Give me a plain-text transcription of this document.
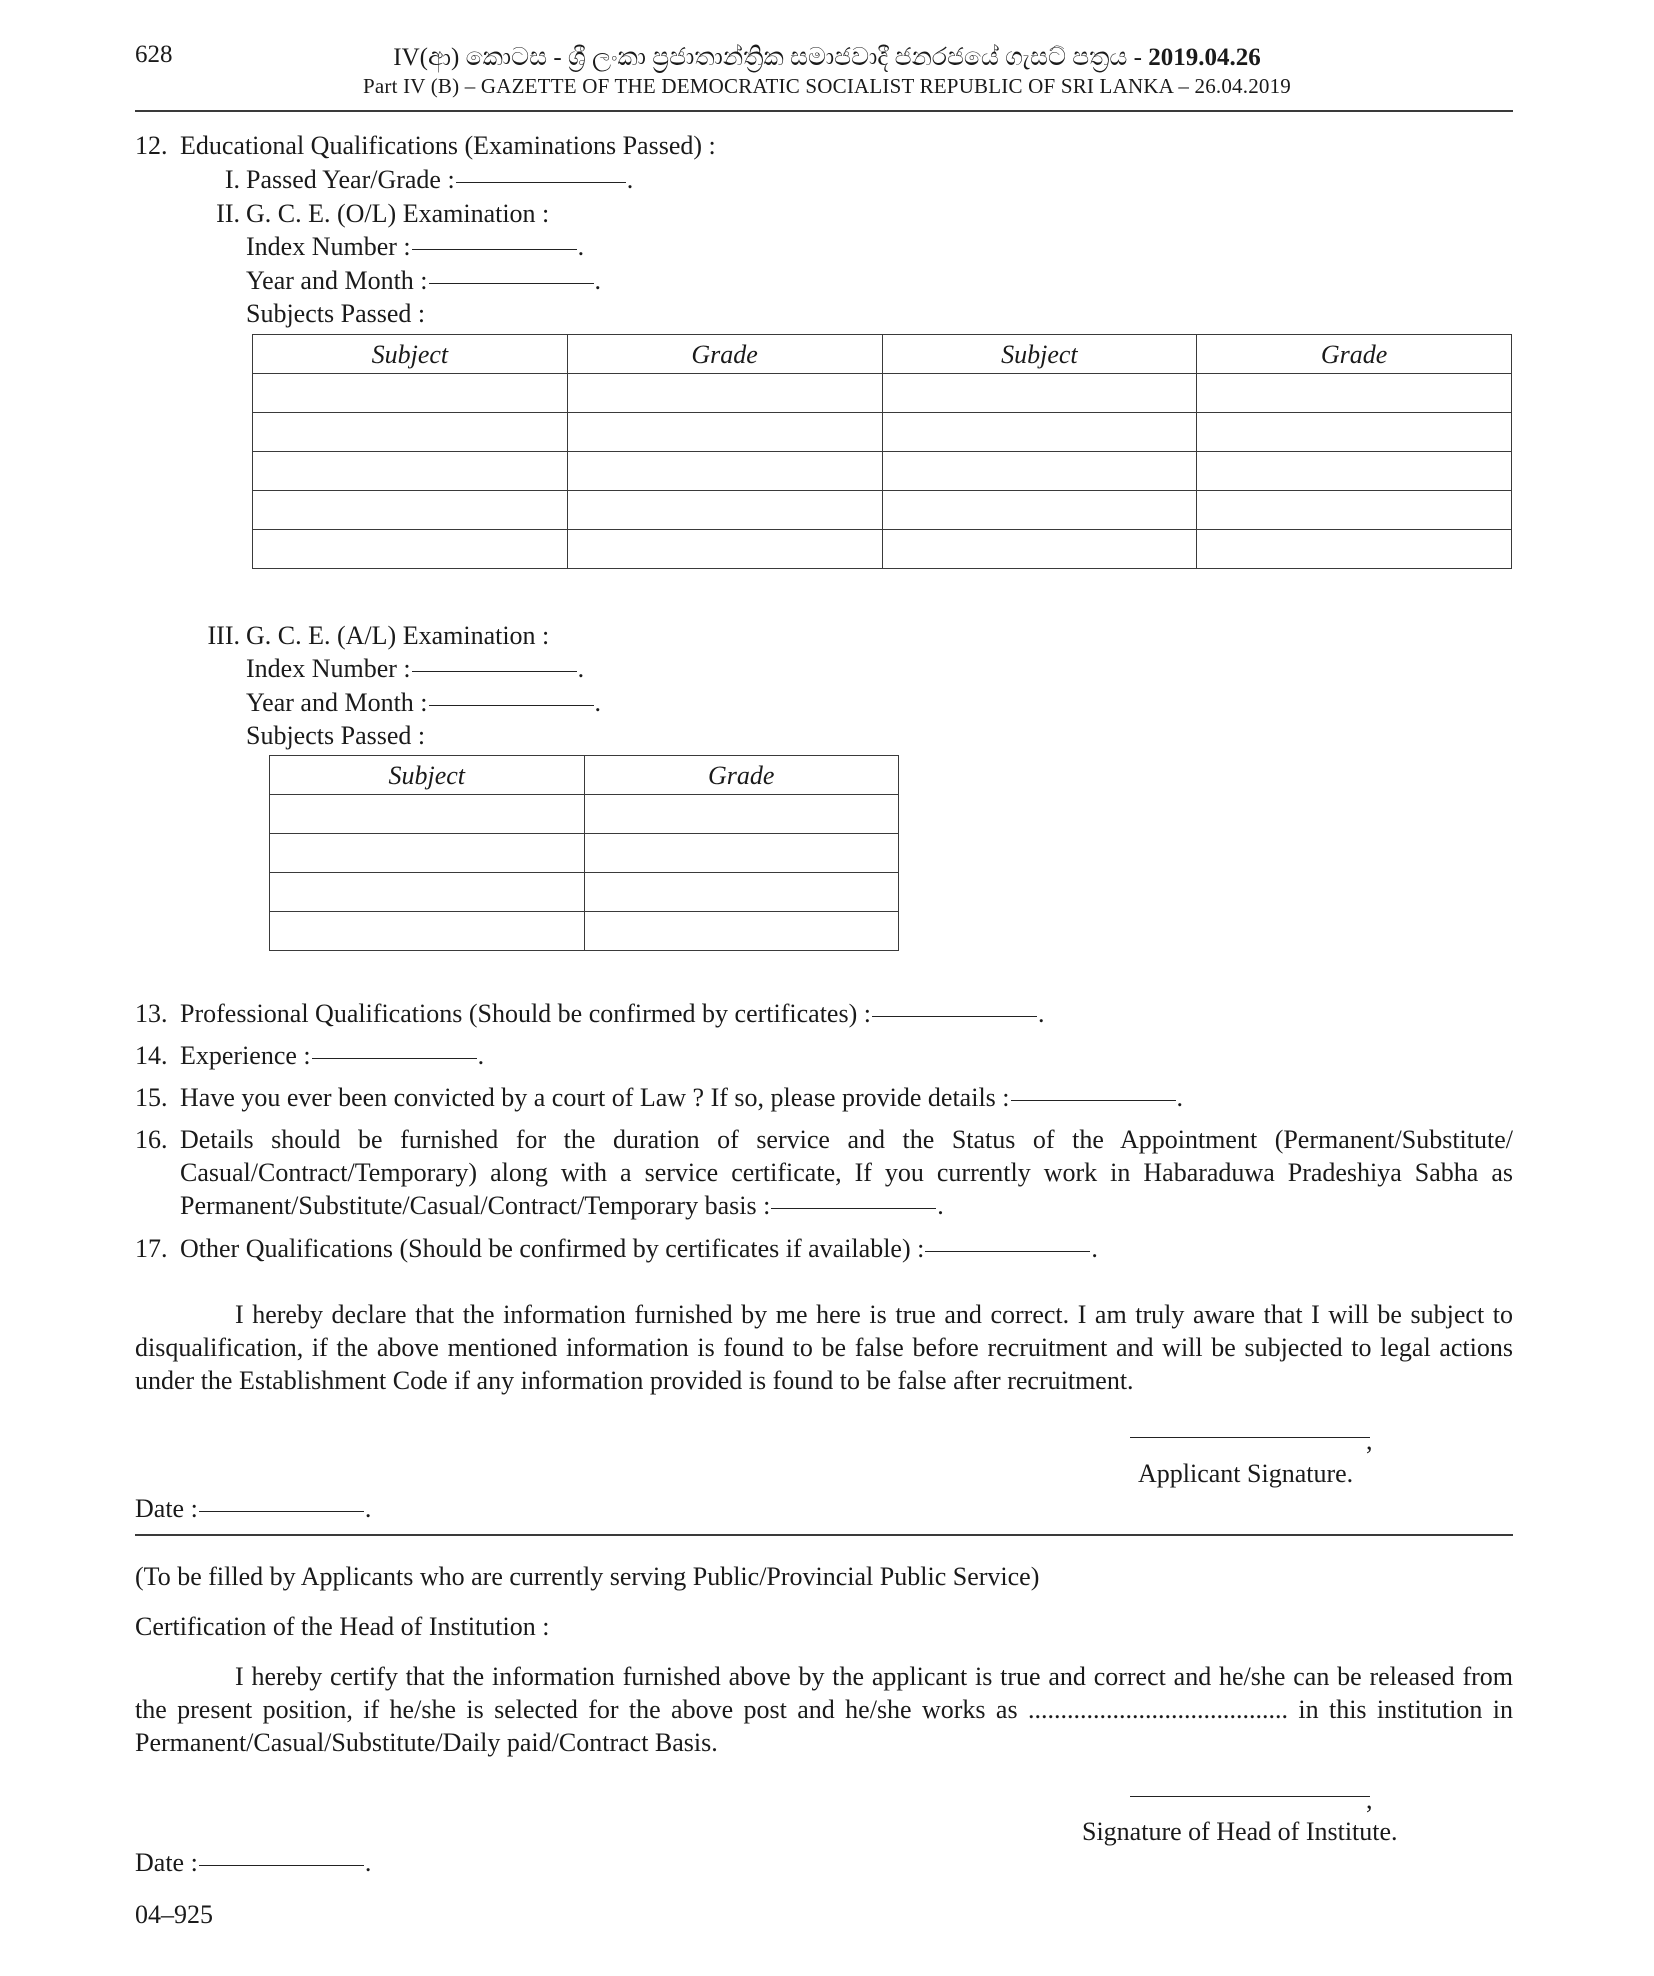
628	IV(ආ) කොටස - ශ්‍රී ලංකා ප්‍රජාතාන්ත්‍රික සමාජවාදී ජනරජයේ ගැසට් පත්‍රය - 2019.04.26
Part IV (B) – GAZETTE OF THE DEMOCRATIC SOCIALIST REPUBLIC OF SRI LANKA – 26.04.2019
12. Educational Qualifications (Examinations Passed) :
I. Passed Year/Grade :	.
II. G. C. E. (O/L) Examination :
Index Number :	.
Year and Month :	.
Subjects Passed :
Subject	Grade	Subject	Grade

III. G. C. E. (A/L) Examination :
Index Number :	.
Year and Month :	.
Subjects Passed :
Subject	Grade

13. Professional Qualifications (Should be confirmed by certificates) :	.
14. Experience :	.
15. Have you ever been convicted by a court of Law ? If so, please provide details :	.
16. Details should be furnished for the duration of service and the Status of the Appointment (Permanent/Substitute/ Casual/Contract/Temporary) along with a service certificate, If you currently work in Habaraduwa Pradeshiya Sabha as Permanent/Substitute/Casual/Contract/Temporary basis :	.
17. Other Qualifications (Should be confirmed by certificates if available) :	.
I hereby declare that the information furnished by me here is true and correct. I am truly aware that I will be subject to disqualification, if the above mentioned information is found to be false before recruitment and will be subjected to legal actions under the Establishment Code if any information provided is found to be false after recruitment.
,
Applicant Signature.
Date :	.
(To be filled by Applicants who are currently serving Public/Provincial Public Service)
Certification of the Head of Institution :
I hereby certify that the information furnished above by the applicant is true and correct and he/she can be released from the present position, if he/she is selected for the above post and he/she works as ........................................ in this institution in Permanent/Casual/Substitute/Daily paid/Contract Basis.
,
Signature of Head of Institute.
Date :	.
04–925
